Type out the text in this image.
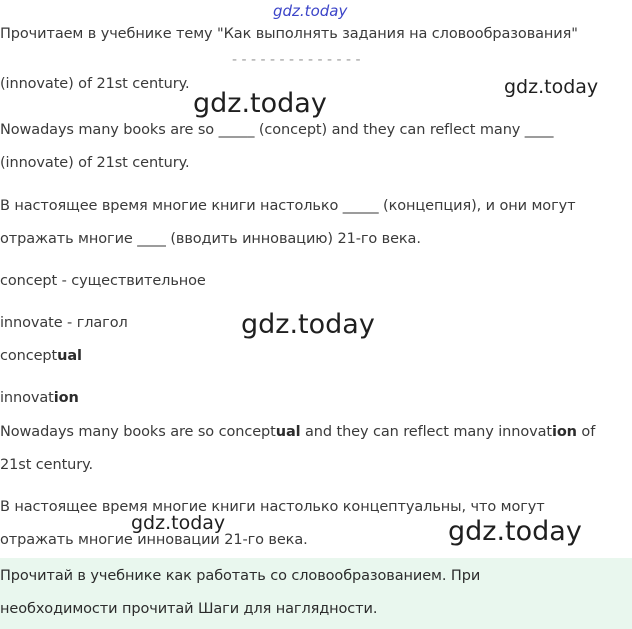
gdz.today
Прочитаем в учебнике тему "Как выполнять задания на словообразования"
- - - - - - - - - - - - - -
(innovate) of 21st century.	gdz.today
gdz.today
Nowadays many books are so _____ (concept) and they can reflect many ____
(innovate) of 21st century.
В настоящее время многие книги настолько _____ (концепция), и они могут
отражать многие ____ (вводить инновацию) 21-го века.
concept - существительное
innovate - глагол	gdz.today
conceptual
innovation
Nowadays many books are so conceptual and they can reflect many innovation of
21st century.
В настоящее время многие книги настолько концептуальны, что могут
gdz.today
отражать многие инновации 21-го века.	gdz.today
Прочитай в учебнике как работать со словообразованием. При
необходимости прочитай Шаги для наглядности.
